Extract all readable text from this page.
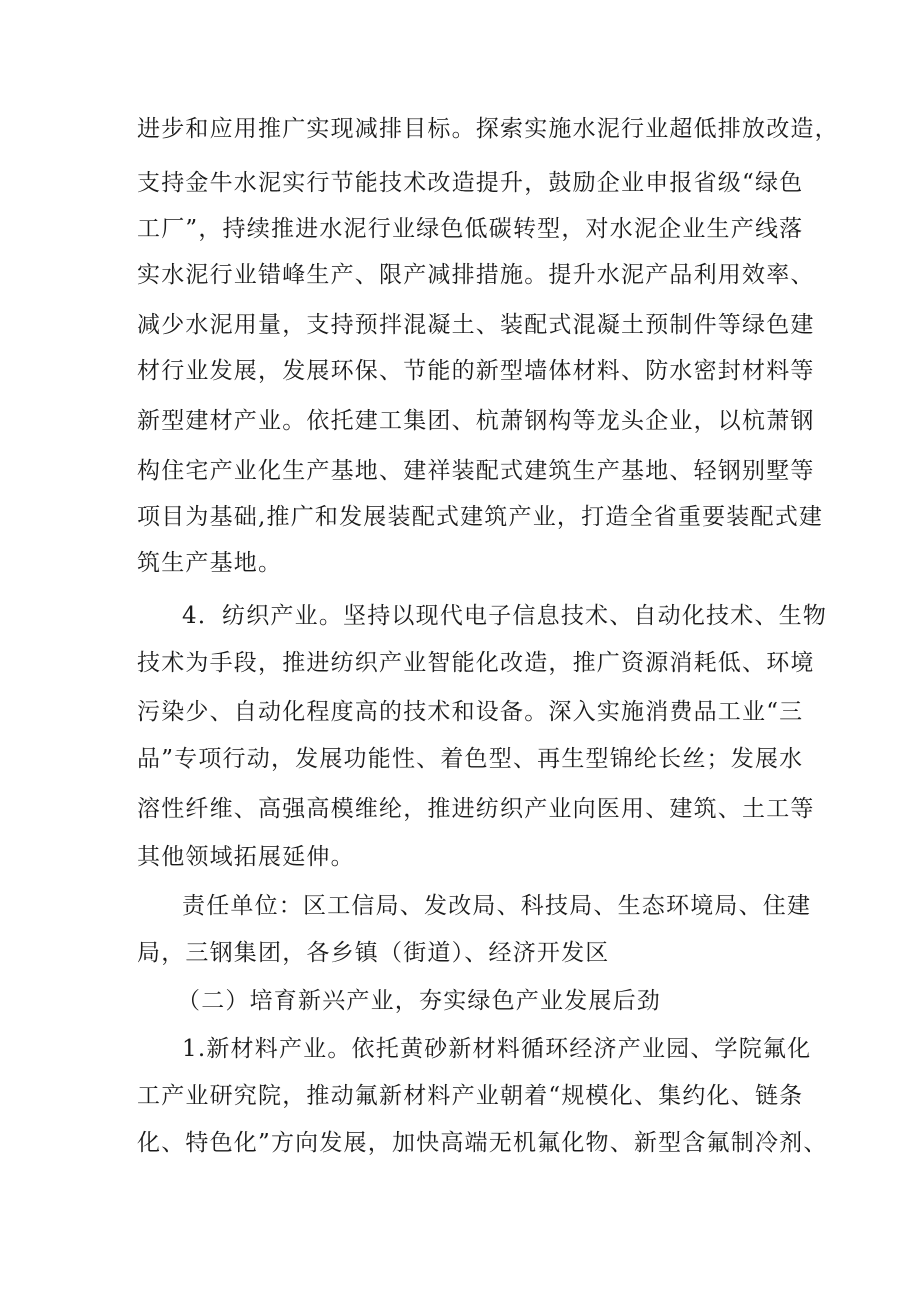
进步和应用推广实现减排目标。探索实施水泥行业超低排放改造，
支持金牛水泥实行节能技术改造提升，鼓励企业申报省级“绿色
工厂”，持续推进水泥行业绿色低碳转型，对水泥企业生产线落
实水泥行业错峰生产、限产减排措施。提升水泥产品利用效率、
减少水泥用量，支持预拌混凝土、装配式混凝土预制件等绿色建
材行业发展，发展环保、节能的新型墙体材料、防水密封材料等
新型建材产业。依托建工集团、杭萧钢构等龙头企业，以杭萧钢
构住宅产业化生产基地、建祥装配式建筑生产基地、轻钢别墅等
项目为基础,推广和发展装配式建筑产业，打造全省重要装配式建
筑生产基地。
4．纺织产业。坚持以现代电子信息技术、自动化技术、生物
技术为手段，推进纺织产业智能化改造，推广资源消耗低、环境
污染少、自动化程度高的技术和设备。深入实施消费品工业“三
品”专项行动，发展功能性、着色型、再生型锦纶长丝；发展水
溶性纤维、高强高模维纶，推进纺织产业向医用、建筑、土工等
其他领域拓展延伸。
责任单位：区工信局、发改局、科技局、生态环境局、住建
局，三钢集团，各乡镇（街道）、经济开发区
（二）培育新兴产业，夯实绿色产业发展后劲
1.新材料产业。依托黄砂新材料循环经济产业园、学院氟化
工产业研究院，推动氟新材料产业朝着“规模化、集约化、链条
化、特色化”方向发展，加快高端无机氟化物、新型含氟制冷剂、
